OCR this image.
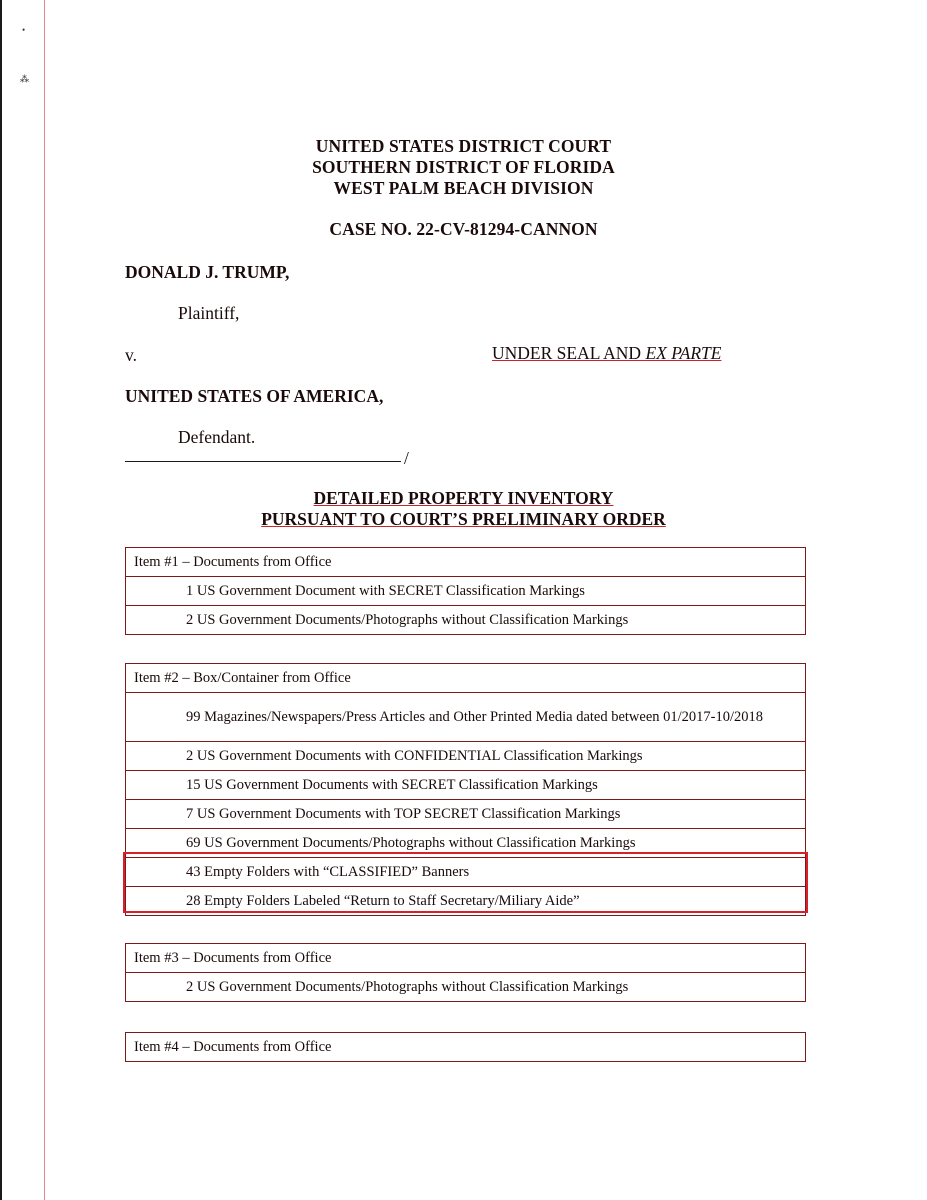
•
⁂
UNITED STATES DISTRICT COURT
SOUTHERN DISTRICT OF FLORIDA
WEST PALM BEACH DIVISION
CASE NO. 22-CV-81294-CANNON
DONALD J. TRUMP,
Plaintiff,
v.	UNDER SEAL AND EX PARTE
UNITED STATES OF AMERICA,
Defendant.
/
DETAILED PROPERTY INVENTORY
PURSUANT TO COURT’S PRELIMINARY ORDER
Item #1 – Documents from Office
1 US Government Document with SECRET Classification Markings
2 US Government Documents/Photographs without Classification Markings
Item #2 – Box/Container from Office
99 Magazines/Newspapers/Press Articles and Other Printed Media dated between 01/2017-10/2018
2 US Government Documents with CONFIDENTIAL Classification Markings
15 US Government Documents with SECRET Classification Markings
7 US Government Documents with TOP SECRET Classification Markings
69 US Government Documents/Photographs without Classification Markings
43 Empty Folders with “CLASSIFIED” Banners
28 Empty Folders Labeled “Return to Staff Secretary/Miliary Aide”
Item #3 – Documents from Office
2 US Government Documents/Photographs without Classification Markings
Item #4 – Documents from Office
